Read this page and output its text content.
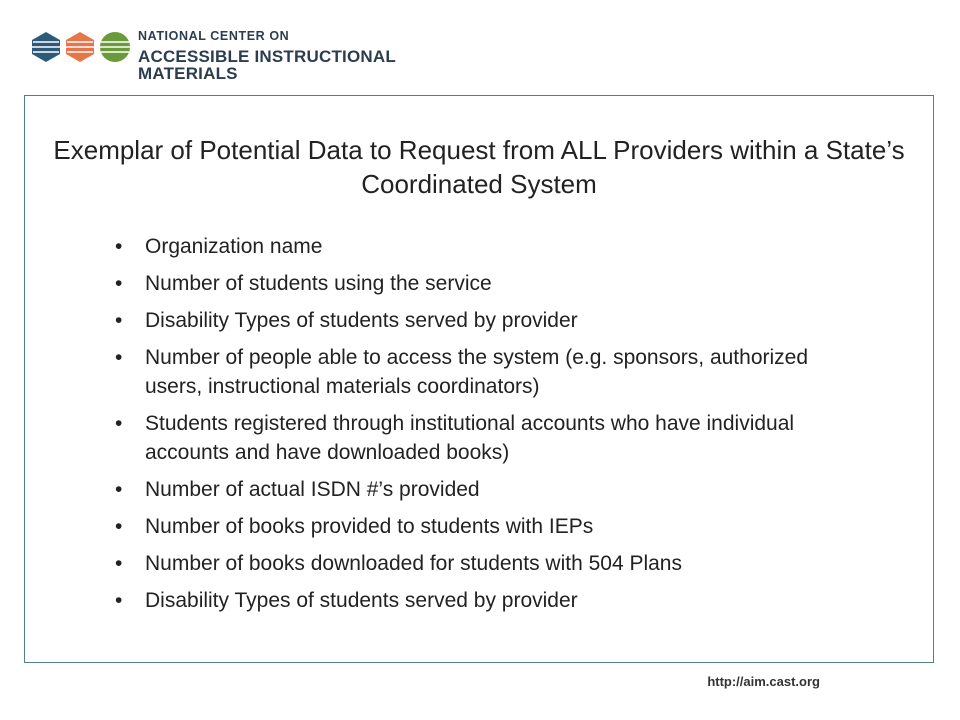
NATIONAL CENTER ON
ACCESSIBLE INSTRUCTIONAL MATERIALS
Exemplar of Potential Data to Request from ALL Providers within a State’s Coordinated System
• Organization name
• Number of students using the service
• Disability Types of students served by provider
• Number of people able to access the system (e.g. sponsors, authorized users, instructional materials coordinators)
• Students registered through institutional accounts who have individual accounts and have downloaded books)
• Number of actual ISDN #’s provided
• Number of books provided to students with IEPs
• Number of books downloaded for students with 504 Plans
• Disability Types of students served by provider
http://aim.cast.org
